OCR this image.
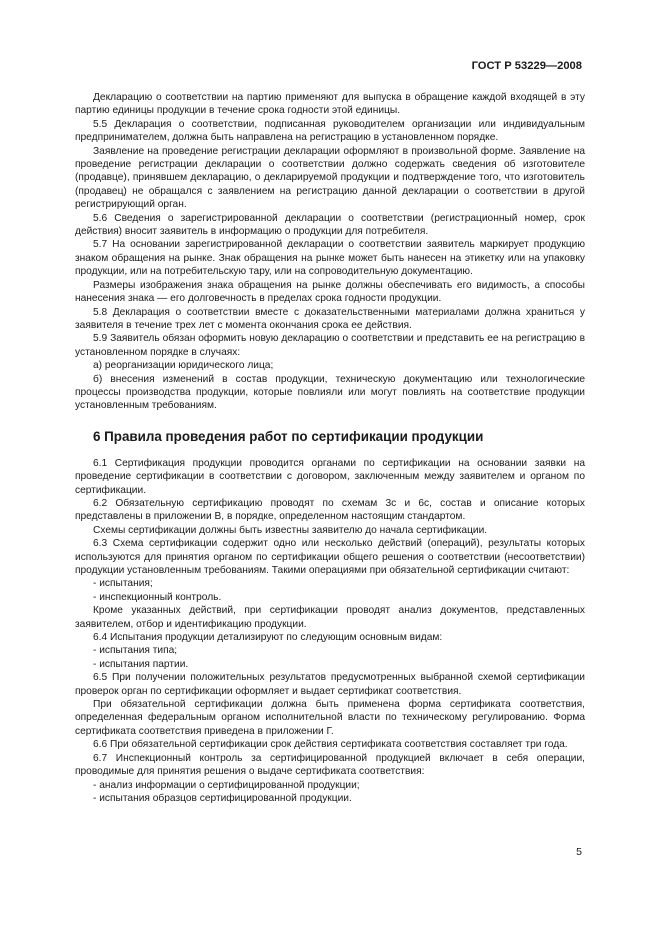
ГОСТ Р 53229—2008

Декларацию о соответствии на партию применяют для выпуска в обращение каждой входящей в эту партию единицы продукции в течение срока годности этой единицы.

5.5 Декларация о соответствии, подписанная руководителем организации или индивидуальным предпринимателем, должна быть направлена на регистрацию в установленном порядке.

Заявление на проведение регистрации декларации оформляют в произвольной форме. Заявление на проведение регистрации декларации о соответствии должно содержать сведения об изготовителе (продавце), принявшем декларацию, о декларируемой продукции и подтверждение того, что изготовитель (продавец) не обращался с заявлением на регистрацию данной декларации о соответствии в другой регистрирующий орган.

5.6 Сведения о зарегистрированной декларации о соответствии (регистрационный номер, срок действия) вносит заявитель в информацию о продукции для потребителя.

5.7 На основании зарегистрированной декларации о соответствии заявитель маркирует продукцию знаком обращения на рынке. Знак обращения на рынке может быть нанесен на этикетку или на упаковку продукции, или на потребительскую тару, или на сопроводительную документацию.

Размеры изображения знака обращения на рынке должны обеспечивать его видимость, а способы нанесения знака — его долговечность в пределах срока годности продукции.

5.8 Декларация о соответствии вместе с доказательственными материалами должна храниться у заявителя в течение трех лет с момента окончания срока ее действия.

5.9 Заявитель обязан оформить новую декларацию о соответствии и представить ее на регистрацию в установленном порядке в случаях:

а) реорганизации юридического лица;

б) внесения изменений в состав продукции, техническую документацию или технологические процессы производства продукции, которые повлияли или могут повлиять на соответствие продукции установленным требованиям.

6 Правила проведения работ по сертификации продукции

6.1 Сертификация продукции проводится органами по сертификации на основании заявки на проведение сертификации в соответствии с договором, заключенным между заявителем и органом по сертификации.

6.2 Обязательную сертификацию проводят по схемам 3с и 6с, состав и описание которых представлены в приложении В, в порядке, определенном настоящим стандартом.

Схемы сертификации должны быть известны заявителю до начала сертификации.

6.3 Схема сертификации содержит одно или несколько действий (операций), результаты которых используются для принятия органом по сертификации общего решения о соответствии (несоответствии) продукции установленным требованиям. Такими операциями при обязательной сертификации считают:

- испытания;

- инспекционный контроль.

Кроме указанных действий, при сертификации проводят анализ документов, представленных заявителем, отбор и идентификацию продукции.

6.4 Испытания продукции детализируют по следующим основным видам:

- испытания типа;

- испытания партии.

6.5 При получении положительных результатов предусмотренных выбранной схемой сертификации проверок орган по сертификации оформляет и выдает сертификат соответствия.

При обязательной сертификации должна быть применена форма сертификата соответствия, определенная федеральным органом исполнительной власти по техническому регулированию. Форма сертификата соответствия приведена в приложении Г.

6.6 При обязательной сертификации срок действия сертификата соответствия составляет три года.

6.7 Инспекционный контроль за сертифицированной продукцией включает в себя операции, проводимые для принятия решения о выдаче сертификата соответствия:

- анализ информации о сертифицированной продукции;

- испытания образцов сертифицированной продукции.

5
